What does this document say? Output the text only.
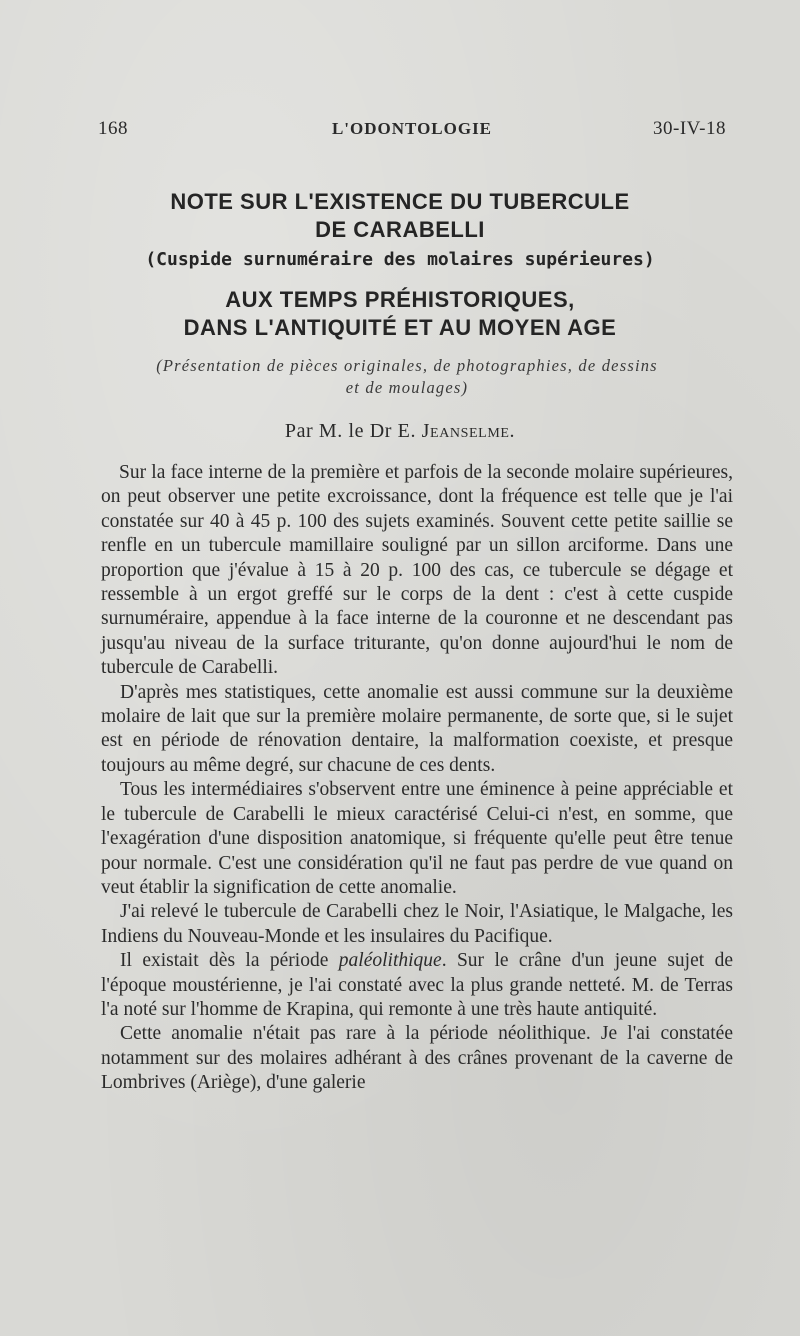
168	L'ODONTOLOGIE	30-IV-18
NOTE SUR L'EXISTENCE DU TUBERCULE
DE CARABELLI
(Cuspide surnuméraire des molaires supérieures)
AUX TEMPS PRÉHISTORIQUES,
DANS L'ANTIQUITÉ ET AU MOYEN AGE
(Présentation de pièces originales, de photographies, de dessins
et de moulages)
Par M. le Dr E. Jeanselme.

Sur la face interne de la première et parfois de la seconde molaire supérieures, on peut observer une petite excroissance, dont la fréquence est telle que je l'ai constatée sur 40 à 45 p. 100 des sujets examinés. Souvent cette petite saillie se renfle en un tubercule mamillaire souligné par un sillon arciforme. Dans une proportion que j'évalue à 15 à 20 p. 100 des cas, ce tubercule se dégage et ressemble à un ergot greffé sur le corps de la dent : c'est à cette cuspide surnuméraire, appendue à la face interne de la couronne et ne descendant pas jusqu'au niveau de la surface triturante, qu'on donne aujourd'hui le nom de tubercule de Carabelli.

D'après mes statistiques, cette anomalie est aussi commune sur la deuxième molaire de lait que sur la première molaire permanente, de sorte que, si le sujet est en période de rénovation dentaire, la malformation coexiste, et presque toujours au même degré, sur chacune de ces dents.

Tous les intermédiaires s'observent entre une éminence à peine appréciable et le tubercule de Carabelli le mieux caractérisé Celui-ci n'est, en somme, que l'exagération d'une disposition anatomique, si fréquente qu'elle peut être tenue pour normale. C'est une considération qu'il ne faut pas perdre de vue quand on veut établir la signification de cette anomalie.

J'ai relevé le tubercule de Carabelli chez le Noir, l'Asiatique, le Malgache, les Indiens du Nouveau-Monde et les insulaires du Pacifique.

Il existait dès la période paléolithique. Sur le crâne d'un jeune sujet de l'époque moustérienne, je l'ai constaté avec la plus grande netteté. M. de Terras l'a noté sur l'homme de Krapina, qui remonte à une très haute antiquité.

Cette anomalie n'était pas rare à la période néolithique. Je l'ai constatée notamment sur des molaires adhérant à des crânes provenant de la caverne de Lombrives (Ariège), d'une galerie
